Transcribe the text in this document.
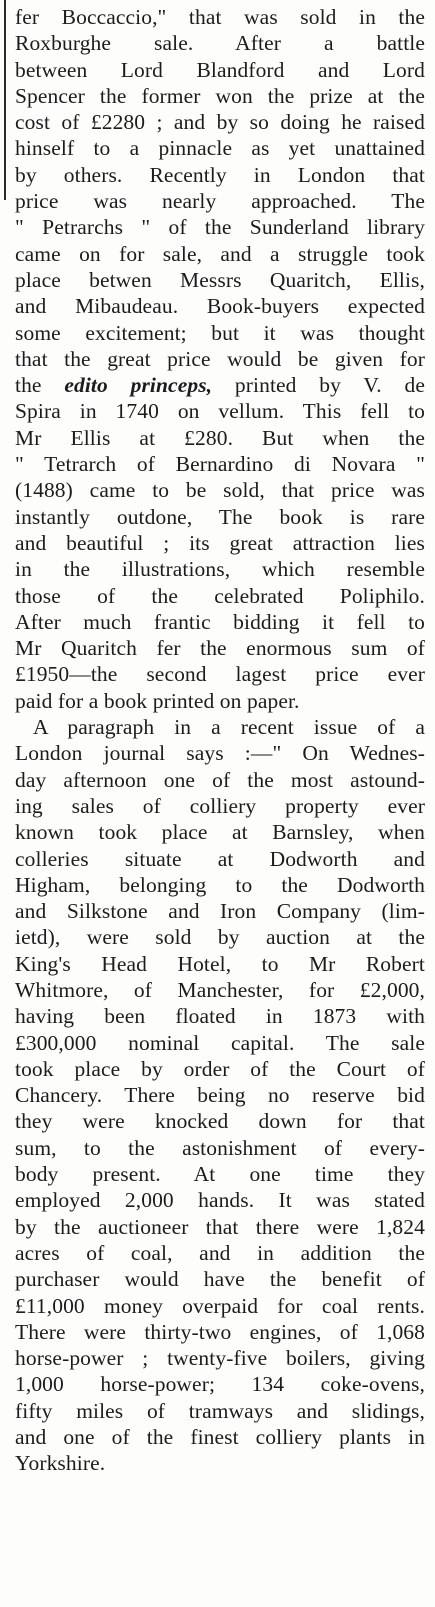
fer Boccaccio," that was sold in the
Roxburghe sale. After a battle
between Lord Blandford and Lord
Spencer the former won the prize at the
cost of £2280 ; and by so doing he raised
hinself to a pinnacle as yet unattained
by others. Recently in London that
price was nearly approached. The
" Petrarchs " of the Sunderland library
came on for sale, and a struggle took
place betwen Messrs Quaritch, Ellis,
and Mibaudeau. Book-buyers expected
some excitement; but it was thought
that the great price would be given for
the edito princeps, printed by V. de
Spira in 1740 on vellum. This fell to
Mr Ellis at £280. But when the
" Tetrarch of Bernardino di Novara "
(1488) came to be sold, that price was
instantly outdone, The book is rare
and beautiful ; its great attraction lies
in the illustrations, which resemble
those of the celebrated Poliphilo.
After much frantic bidding it fell to
Mr Quaritch fer the enormous sum of
£1950—the second lagest price ever
paid for a book printed on paper.
A paragraph in a recent issue of a
London journal says :—" On Wednes-
day afternoon one of the most astound-
ing sales of colliery property ever
known took place at Barnsley, when
colleries situate at Dodworth and
Higham, belonging to the Dodworth
and Silkstone and Iron Company (lim-
ietd), were sold by auction at the
King's Head Hotel, to Mr Robert
Whitmore, of Manchester, for £2,000,
having been floated in 1873 with
£300,000 nominal capital. The sale
took place by order of the Court of
Chancery. There being no reserve bid
they were knocked down for that
sum, to the astonishment of every-
body present. At one time they
employed 2,000 hands. It was stated
by the auctioneer that there were 1,824
acres of coal, and in addition the
purchaser would have the benefit of
£11,000 money overpaid for coal rents.
There were thirty-two engines, of 1,068
horse-power ; twenty-five boilers, giving
1,000 horse-power; 134 coke-ovens,
fifty miles of tramways and slidings,
and one of the finest colliery plants in
Yorkshire.
